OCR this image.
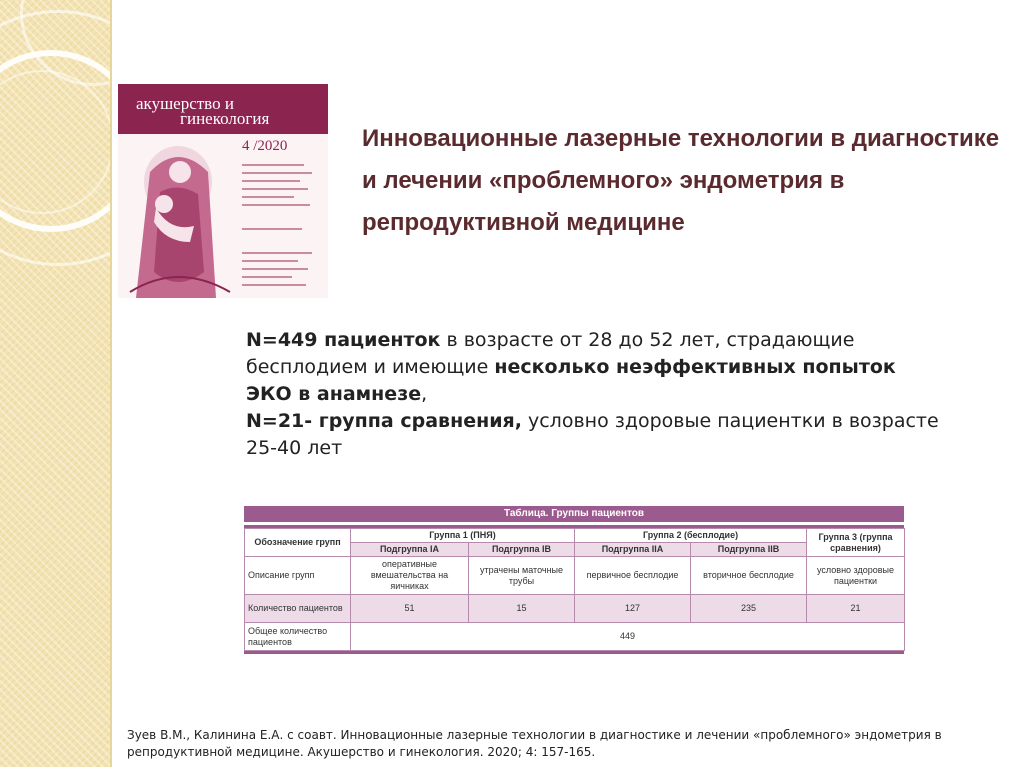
акушерство и
гинекология
4 /2020	Инновационные лазерные технологии в диагностике и лечении «проблемного» эндометрия в репродуктивной медицине
N=449 пациенток в возрасте от 28 до 52 лет, страдающие бесплодием и имеющие несколько неэффективных попыток ЭКО в анамнезе,
N=21- группа сравнения, условно здоровые пациентки в возрасте 25-40 лет
Таблица. Группы пациентов
Обозначение групп	Группа 1 (ПНЯ)		Группа 2 (бесплодие)		Группа 3 (группа сравнения)
	Подгруппа IA	Подгруппа IB	Подгруппа IIA	Подгруппа IIB	
Описание групп	оперативные вмешательства на яичниках	утрачены маточные трубы	первичное бесплодие	вторичное бесплодие	условно здоровые пациентки
Количество пациентов	51	15	127	235	21
Общее количество пациентов	449				

Зуев В.М., Калинина Е.А. с соавт. Инновационные лазерные технологии в диагностике и лечении «проблемного» эндометрия в репродуктивной медицине. Акушерство и гинекология. 2020; 4: 157-165.
